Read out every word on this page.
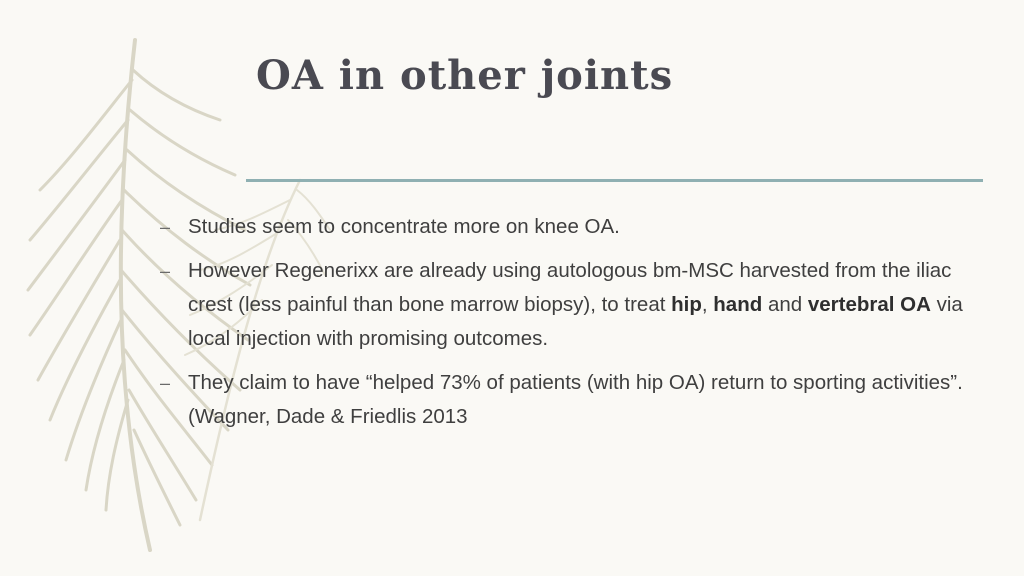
OA in other joints
– Studies seem to concentrate more on knee OA.
– However Regenerixx are already using autologous bm-MSC harvested from the iliac crest (less painful than bone marrow biopsy), to treat hip, hand and vertebral OA via local injection with promising outcomes.
– They claim to have “helped 73% of patients (with hip OA) return to sporting activities”. (Wagner, Dade & Friedlis 2013
